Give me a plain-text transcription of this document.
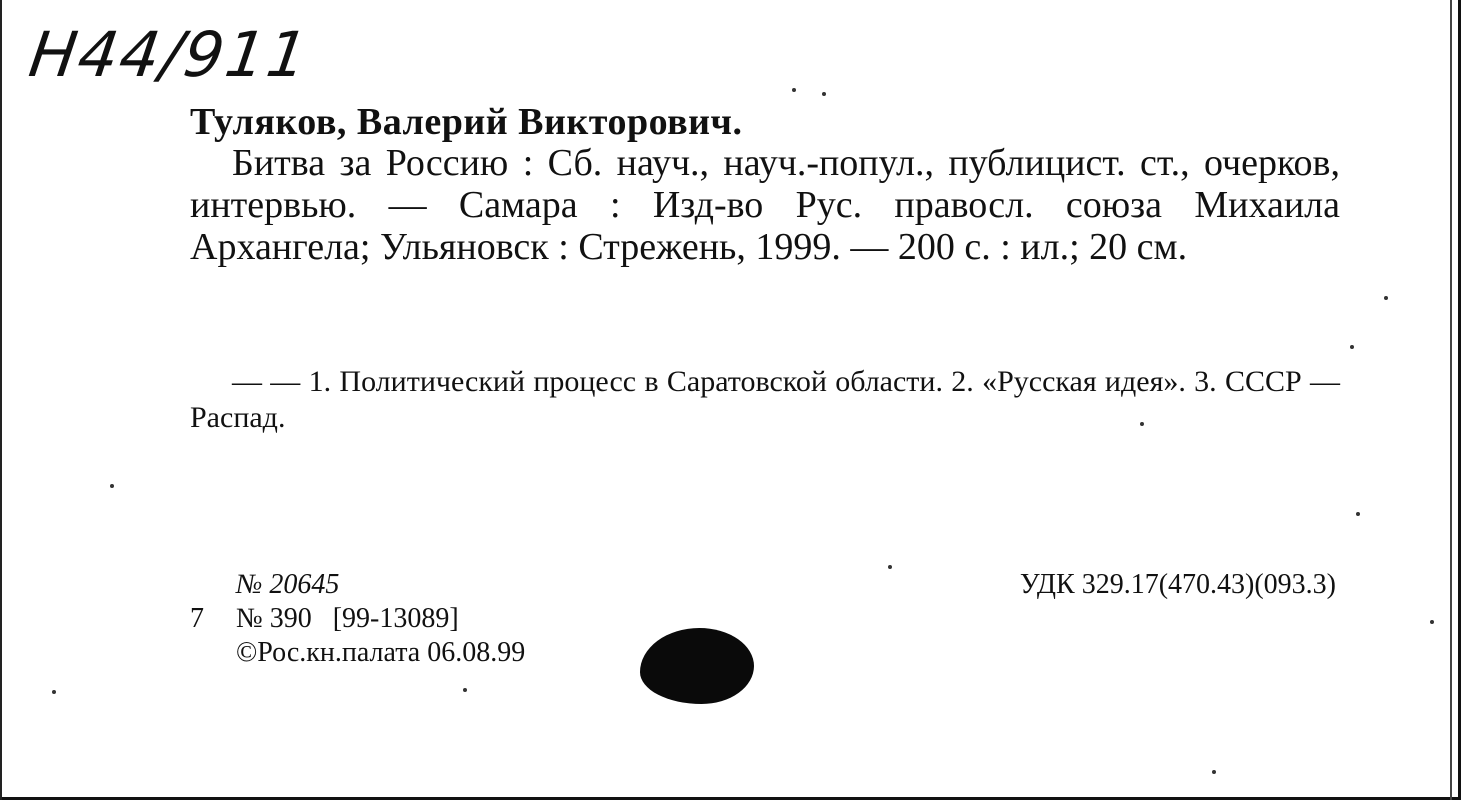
Н44/911
Туляков, Валерий Викторович.
Битва за Россию : Сб. науч., науч.-попул., публицист. ст., очерков, интервью. — Самара : Изд-во Рус. правосл. союза Михаила Архангела; Ульяновск : Стрежень, 1999. — 200 с. : ил.; 20 см.
— — 1. Политический процесс в Саратовской области. 2. «Русская идея». 3. СССР — Распад.
№ 20645
7 № 390   [99-13089]
©Рос.кн.палата 06.08.99
УДК 329.17(470.43)(093.3)
